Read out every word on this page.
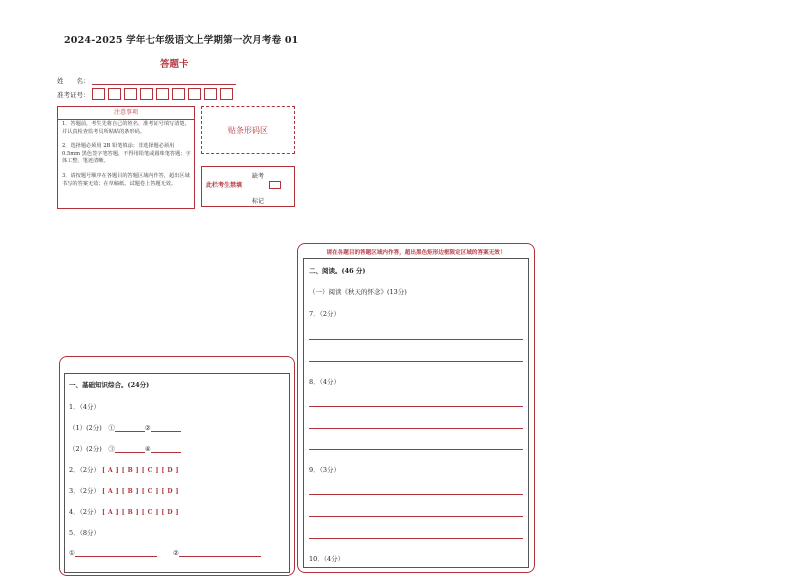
2024-2025 学年七年级语文上学期第一次月考卷 01
答题卡
姓　　名：
准考证号：
注意事项
1．答题前，考生先将自己的姓名、准考证号填写清楚，并认真检查监考员所粘贴的条形码。
2．选择题必须用 2B 铅笔填涂；非选择题必须用 0.5mm 黑色签字笔答题，不得用铅笔或圆珠笔答题；字体工整、笔迹清晰。
3．请按题号顺序在各题目的答题区域内作答，超出区域书写的答案无效；在草稿纸、试题卷上答题无效。
贴条形码区
缺考
此栏考生禁填
标记
请在各题目的答题区域内作答，超出黑色矩形边框限定区域的答案无效！
二、阅读。(46 分)
（一）阅读《秋天的怀念》(13分)
7．（2分）
8．（4分）
9．（3分）
10．（4分）
一、基础知识综合。(24分)
1．（4分）
（1）(2分)　①	②
（2）(2分)　③	④
2．（2分） [ A ] [ B ] [ C ] [ D ]
3．（2分） [ A ] [ B ] [ C ] [ D ]
4．（2分） [ A ] [ B ] [ C ] [ D ]
5．（8分）
①	②
